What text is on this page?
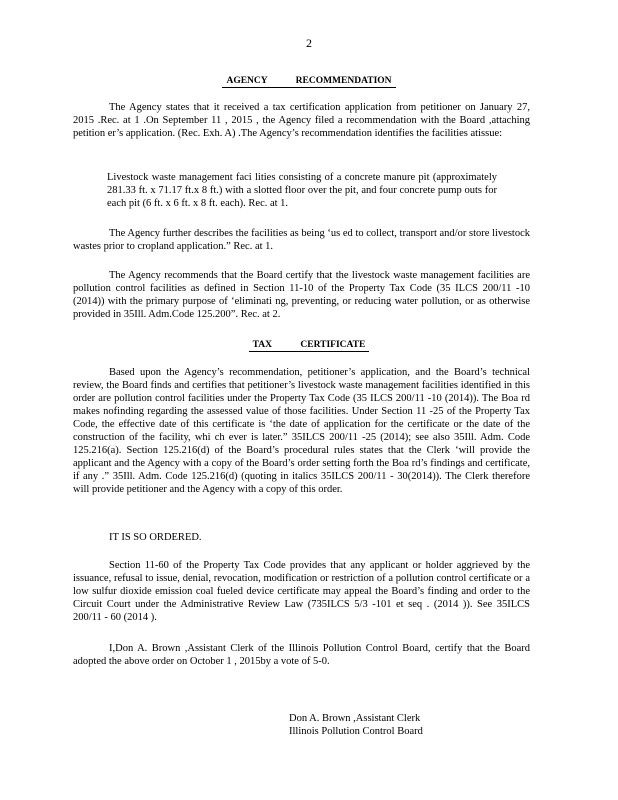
2
AGENCY RECOMMENDATION

The Agency states that it received a tax certification application from petitioner on January 27, 2015 .Rec. at 1 .On September 11 , 2015 , the Agency filed a recommendation with the Board ,attaching petition er’s application. (Rec. Exh. A) .The Agency’s recommendation identifies the facilities atissue:

Livestock waste management faci lities consisting of a concrete manure pit (approximately 281.33 ft. x 71.17 ft.x 8 ft.) with a slotted floor over the pit, and four concrete pump outs for each pit (6 ft. x 6 ft. x 8 ft. each). Rec. at 1.

The Agency further describes the facilities as being ‘us ed to collect, transport and/or store livestock wastes prior to cropland application.” Rec. at 1.

The Agency recommends that the Board certify that the livestock waste management facilities are pollution control facilities as defined in Section 11-10 of the Property Tax Code (35 ILCS 200/11 -10 (2014)) with the primary purpose of ‘eliminati ng, preventing, or reducing water pollution, or as otherwise provided in 35Ill. Adm.Code 125.200”. Rec. at 2.

TAX CERTIFICATE

Based upon the Agency’s recommendation, petitioner’s application, and the Board’s technical review, the Board finds and certifies that petitioner’s livestock waste management facilities identified in this order are pollution control facilities under the Property Tax Code (35 ILCS 200/11 -10 (2014)). The Boa rd makes nofinding regarding the assessed value of those facilities. Under Section 11 -25 of the Property Tax Code, the effective date of this certificate is ‘the date of application for the certificate or the date of the construction of the facility, whi ch ever is later.” 35ILCS 200/11 -25 (2014); see also 35Ill. Adm. Code 125.216(a). Section 125.216(d) of the Board’s procedural rules states that the Clerk ‘will provide the applicant and the Agency with a copy of the Board’s order setting forth the Boa rd’s findings and certificate, if any .” 35Ill. Adm. Code 125.216(d) (quoting in italics 35ILCS 200/11 - 30(2014)). The Clerk therefore will provide petitioner and the Agency with a copy of this order.

IT IS SO ORDERED.

Section 11-60 of the Property Tax Code provides that any applicant or holder aggrieved by the issuance, refusal to issue, denial, revocation, modification or restriction of a pollution control certificate or a low sulfur dioxide emission coal fueled device certificate may appeal the Board’s finding and order to the Circuit Court under the Administrative Review Law (735ILCS 5/3 -101 et seq . (2014 )). See 35ILCS 200/11 - 60 (2014 ).

I,Don A. Brown ,Assistant Clerk of the Illinois Pollution Control Board, certify that the Board adopted the above order on October 1 , 2015by a vote of 5-0.

Don A. Brown ,Assistant Clerk
Illinois Pollution Control Board
